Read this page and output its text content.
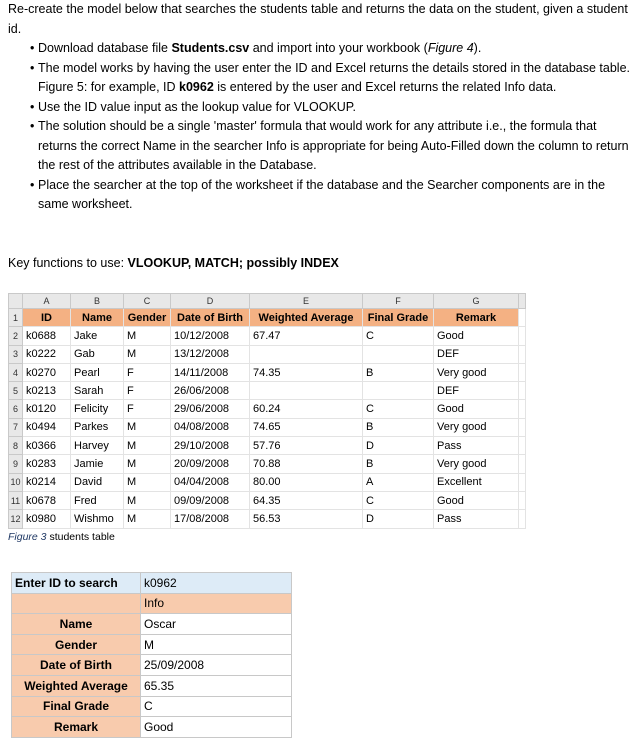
Re-create the model below that searches the students table and returns the data on the student, given a student id.

• Download database file Students.csv and import into your workbook (Figure 4).
• The model works by having the user enter the ID and Excel returns the details stored in the database table. Figure 5: for example, ID k0962 is entered by the user and Excel returns the related Info data.
• Use the ID value input as the lookup value for VLOOKUP.
• The solution should be a single 'master' formula that would work for any attribute i.e., the formula that returns the correct Name in the searcher Info is appropriate for being Auto-Filled down the column to return the rest of the attributes available in the Database.
• Place the searcher at the top of the worksheet if the database and the Searcher components are in the same worksheet.
Key functions to use: VLOOKUP, MATCH; possibly INDEX
	A	B	C	D	E	F	G	
1	ID	Name	Gender	Date of Birth	Weighted Average	Final Grade	Remark	
2	k0688	Jake	M	10/12/2008	67.47	C	Good	
3	k0222	Gab	M	13/12/2008			DEF	
4	k0270	Pearl	F	14/11/2008	74.35	B	Very good	
5	k0213	Sarah	F	26/06/2008			DEF	
6	k0120	Felicity	F	29/06/2008	60.24	C	Good	
7	k0494	Parkes	M	04/08/2008	74.65	B	Very good	
8	k0366	Harvey	M	29/10/2008	57.76	D	Pass	
9	k0283	Jamie	M	20/09/2008	70.88	B	Very good	
10	k0214	David	M	04/04/2008	80.00	A	Excellent	
11	k0678	Fred	M	09/09/2008	64.35	C	Good	
12	k0980	Wishmo	M	17/08/2008	56.53	D	Pass	
Figure 3 students table
Enter ID to search	k0962
	Info
Name	Oscar
Gender	M
Date of Birth	25/09/2008
Weighted Average	65.35
Final Grade	C
Remark	Good
